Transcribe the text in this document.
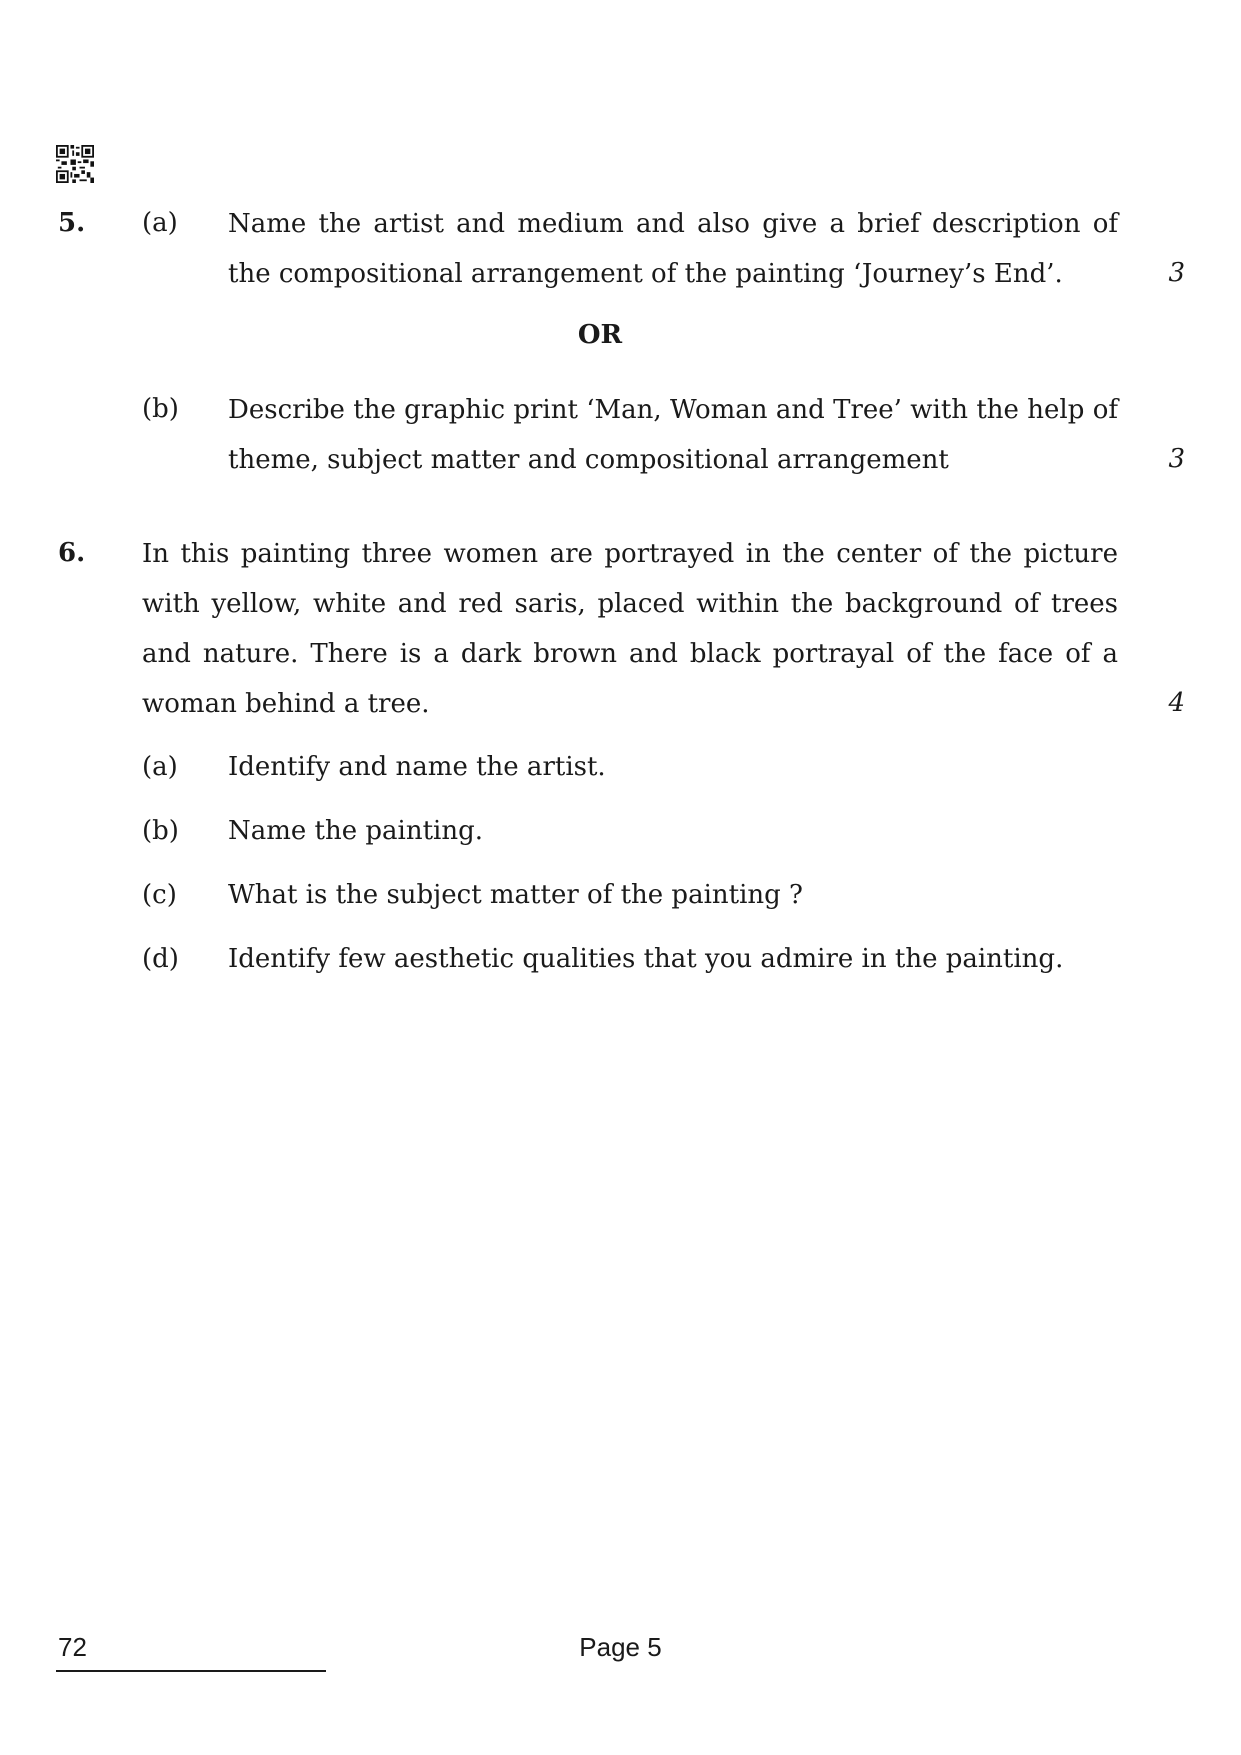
5. (a) Name the artist and medium and also give a brief description of the compositional arrangement of the painting ‘Journey’s End’.	3
OR
(b) Describe the graphic print ‘Man, Woman and Tree’ with the help of theme, subject matter and compositional arrangement	3
6. In this painting three women are portrayed in the center of the picture with yellow, white and red saris, placed within the background of trees and nature. There is a dark brown and black portrayal of the face of a woman behind a tree.	4
(a) Identify and name the artist.
(b) Name the painting.
(c) What is the subject matter of the painting ?
(d) Identify few aesthetic qualities that you admire in the painting.
72	Page 5
